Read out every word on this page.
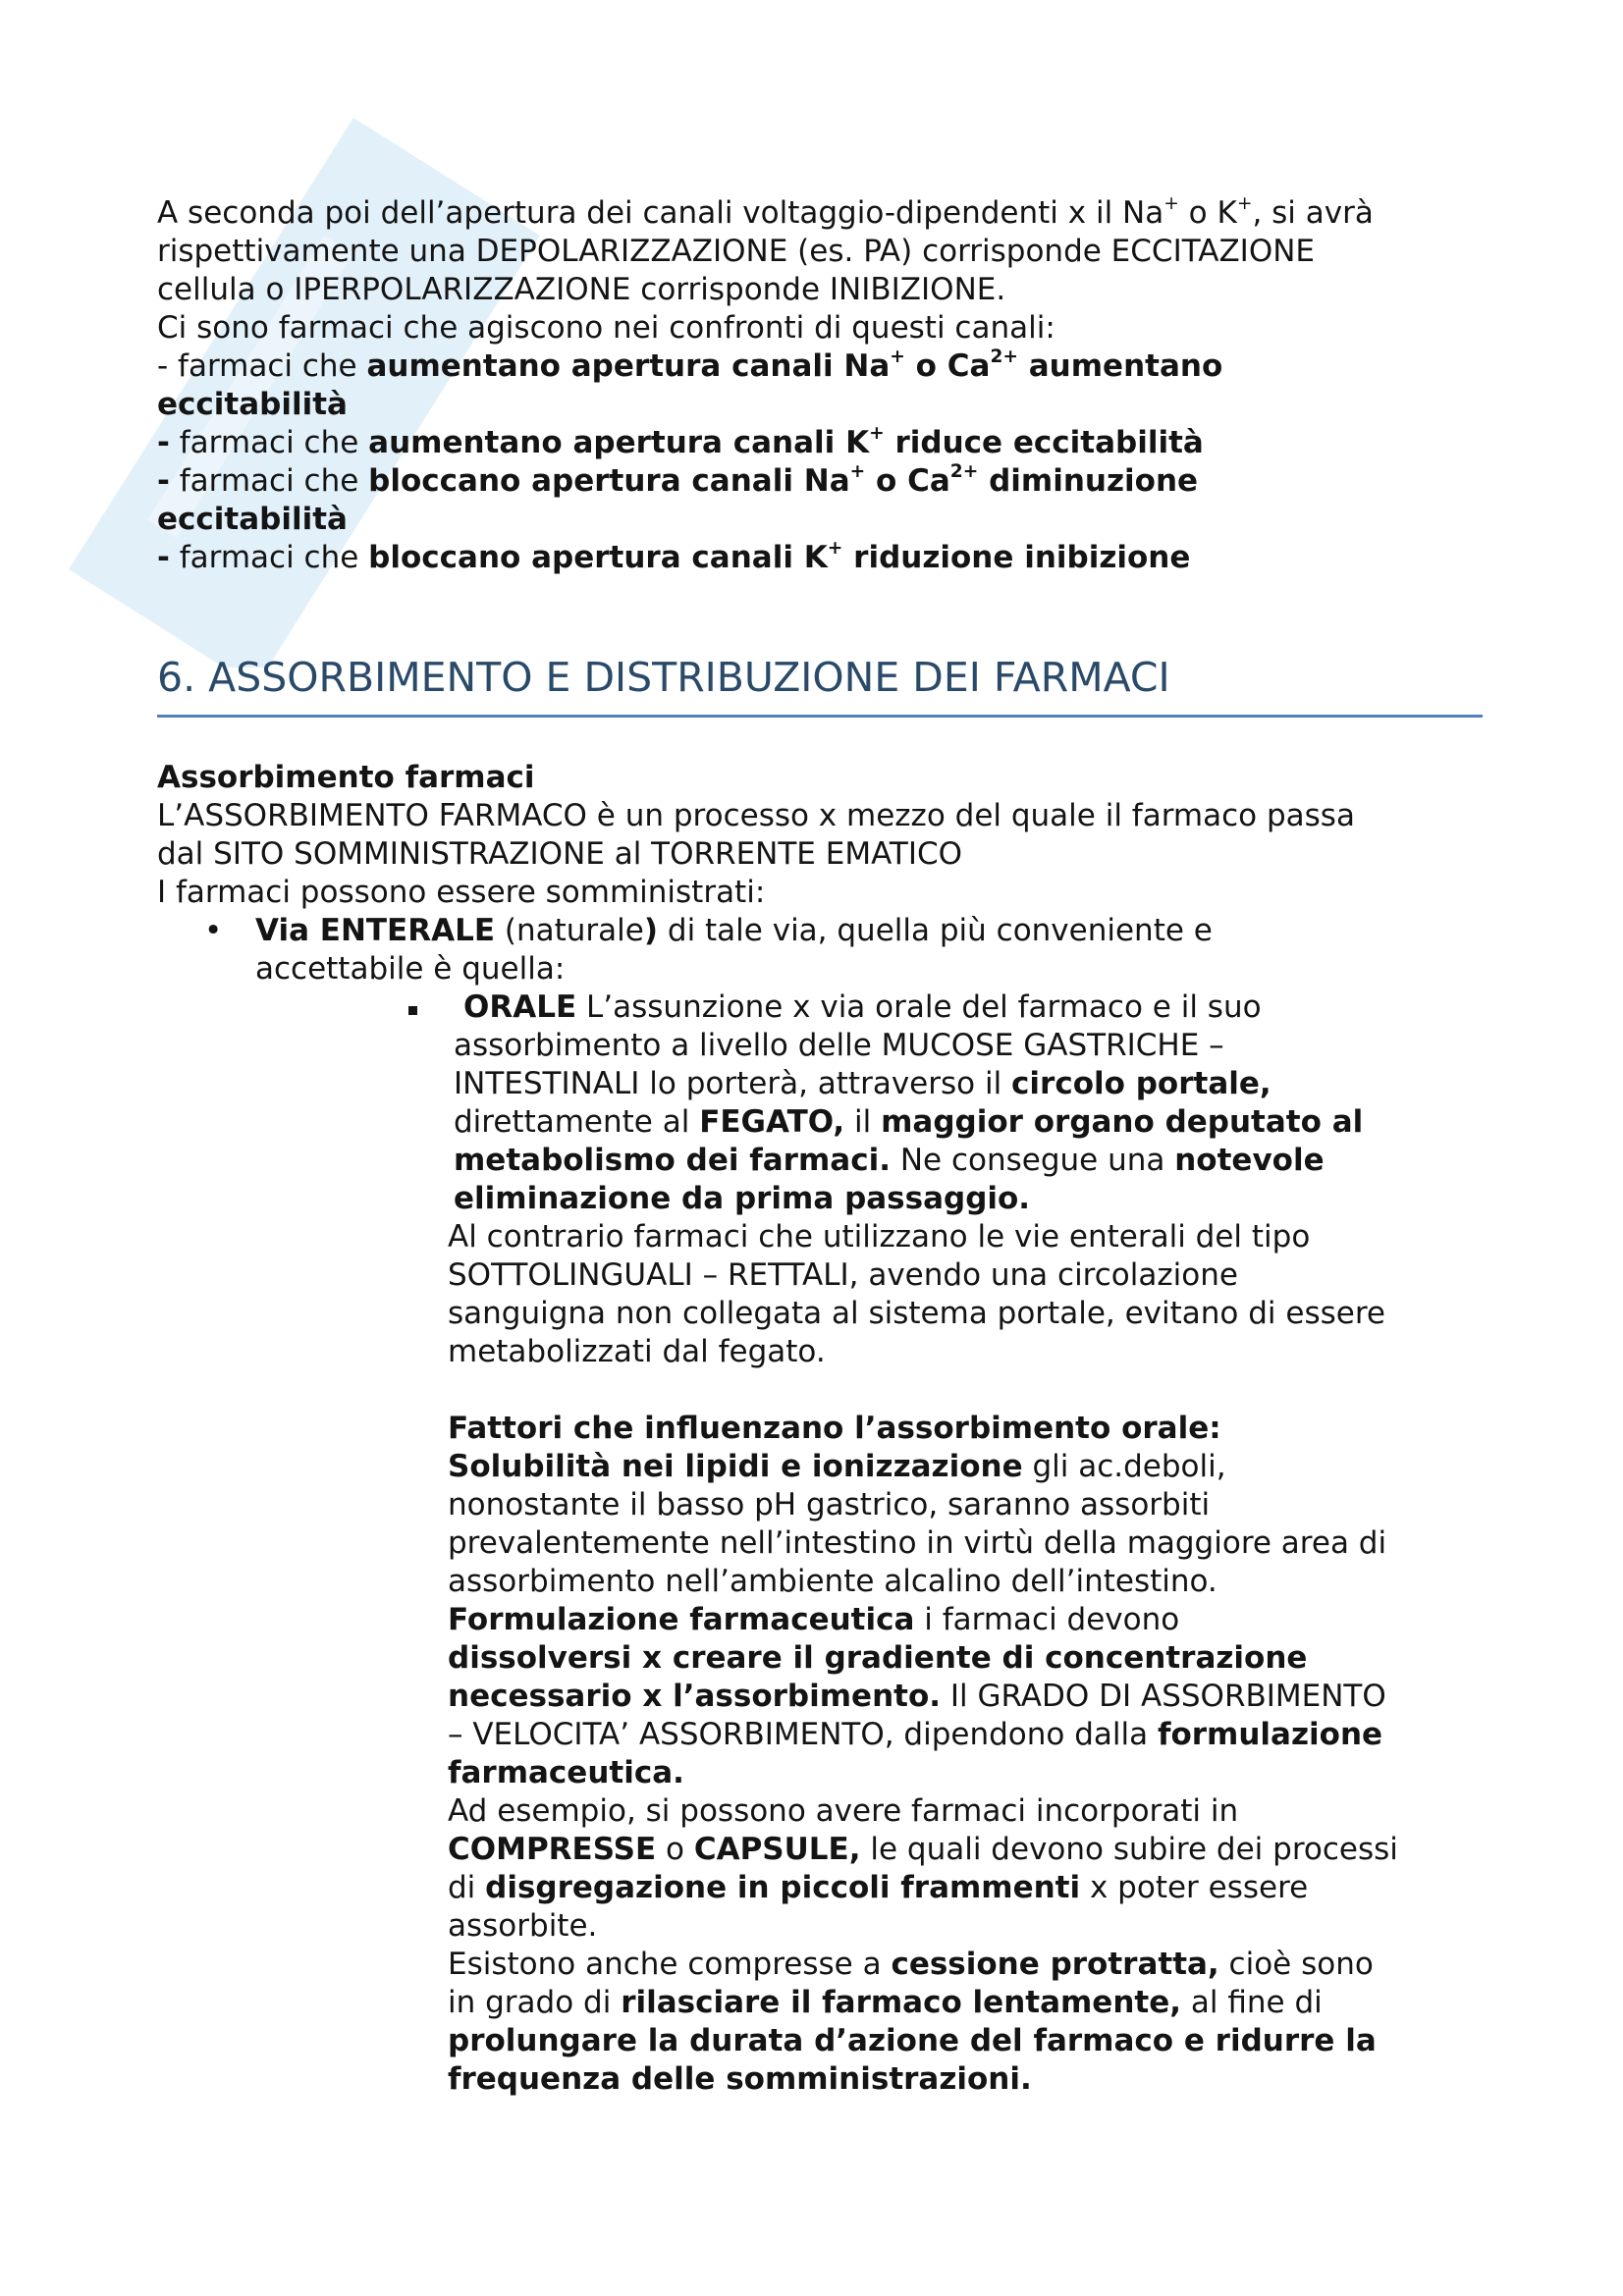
A seconda poi dell’apertura dei canali voltaggio-dipendenti x il Na+ o K+, si avrà
rispettivamente una DEPOLARIZZAZIONE (es. PA) corrisponde ECCITAZIONE
cellula o IPERPOLARIZZAZIONE corrisponde INIBIZIONE.
Ci sono farmaci che agiscono nei confronti di questi canali:
- farmaci che aumentano apertura canali Na+ o $Ca^{2+}$ aumentano
eccitabilità
- farmaci che aumentano apertura canali K+ riduce eccitabilità
- farmaci che bloccano apertura canali Na+ o $Ca^{2+}$ diminuzione
eccitabilità
- farmaci che bloccano apertura canali K+ riduzione inibizione
6. ASSORBIMENTO E DISTRIBUZIONE DEI FARMACI
Assorbimento farmaci
L’ASSORBIMENTO FARMACO è un processo x mezzo del quale il farmaco passa
dal SITO SOMMINISTRAZIONE al TORRENTE EMATICO
I farmaci possono essere somministrati:
• Via ENTERALE (naturale) di tale via, quella più conveniente e
accettabile è quella:
ORALE L’assunzione x via orale del farmaco e il suo
assorbimento a livello delle MUCOSE GASTRICHE –
INTESTINALI lo porterà, attraverso il circolo portale,
direttamente al FEGATO, il maggior organo deputato al
metabolismo dei farmaci. Ne consegue una notevole
eliminazione da prima passaggio.
Al contrario farmaci che utilizzano le vie enterali del tipo
SOTTOLINGUALI – RETTALI, avendo una circolazione
sanguigna non collegata al sistema portale, evitano di essere
metabolizzati dal fegato.
Fattori che influenzano l’assorbimento orale:
Solubilità nei lipidi e ionizzazione gli ac.deboli,
nonostante il basso pH gastrico, saranno assorbiti
prevalentemente nell’intestino in virtù della maggiore area di
assorbimento nell’ambiente alcalino dell’intestino.
Formulazione farmaceutica i farmaci devono
dissolversi x creare il gradiente di concentrazione
necessario x l’assorbimento. Il GRADO DI ASSORBIMENTO
– VELOCITA’ ASSORBIMENTO, dipendono dalla formulazione
farmaceutica.
Ad esempio, si possono avere farmaci incorporati in
COMPRESSE o CAPSULE, le quali devono subire dei processi
di disgregazione in piccoli frammenti x poter essere
assorbite.
Esistono anche compresse a cessione protratta, cioè sono
in grado di rilasciare il farmaco lentamente, al fine di
prolungare la durata d’azione del farmaco e ridurre la
frequenza delle somministrazioni.
